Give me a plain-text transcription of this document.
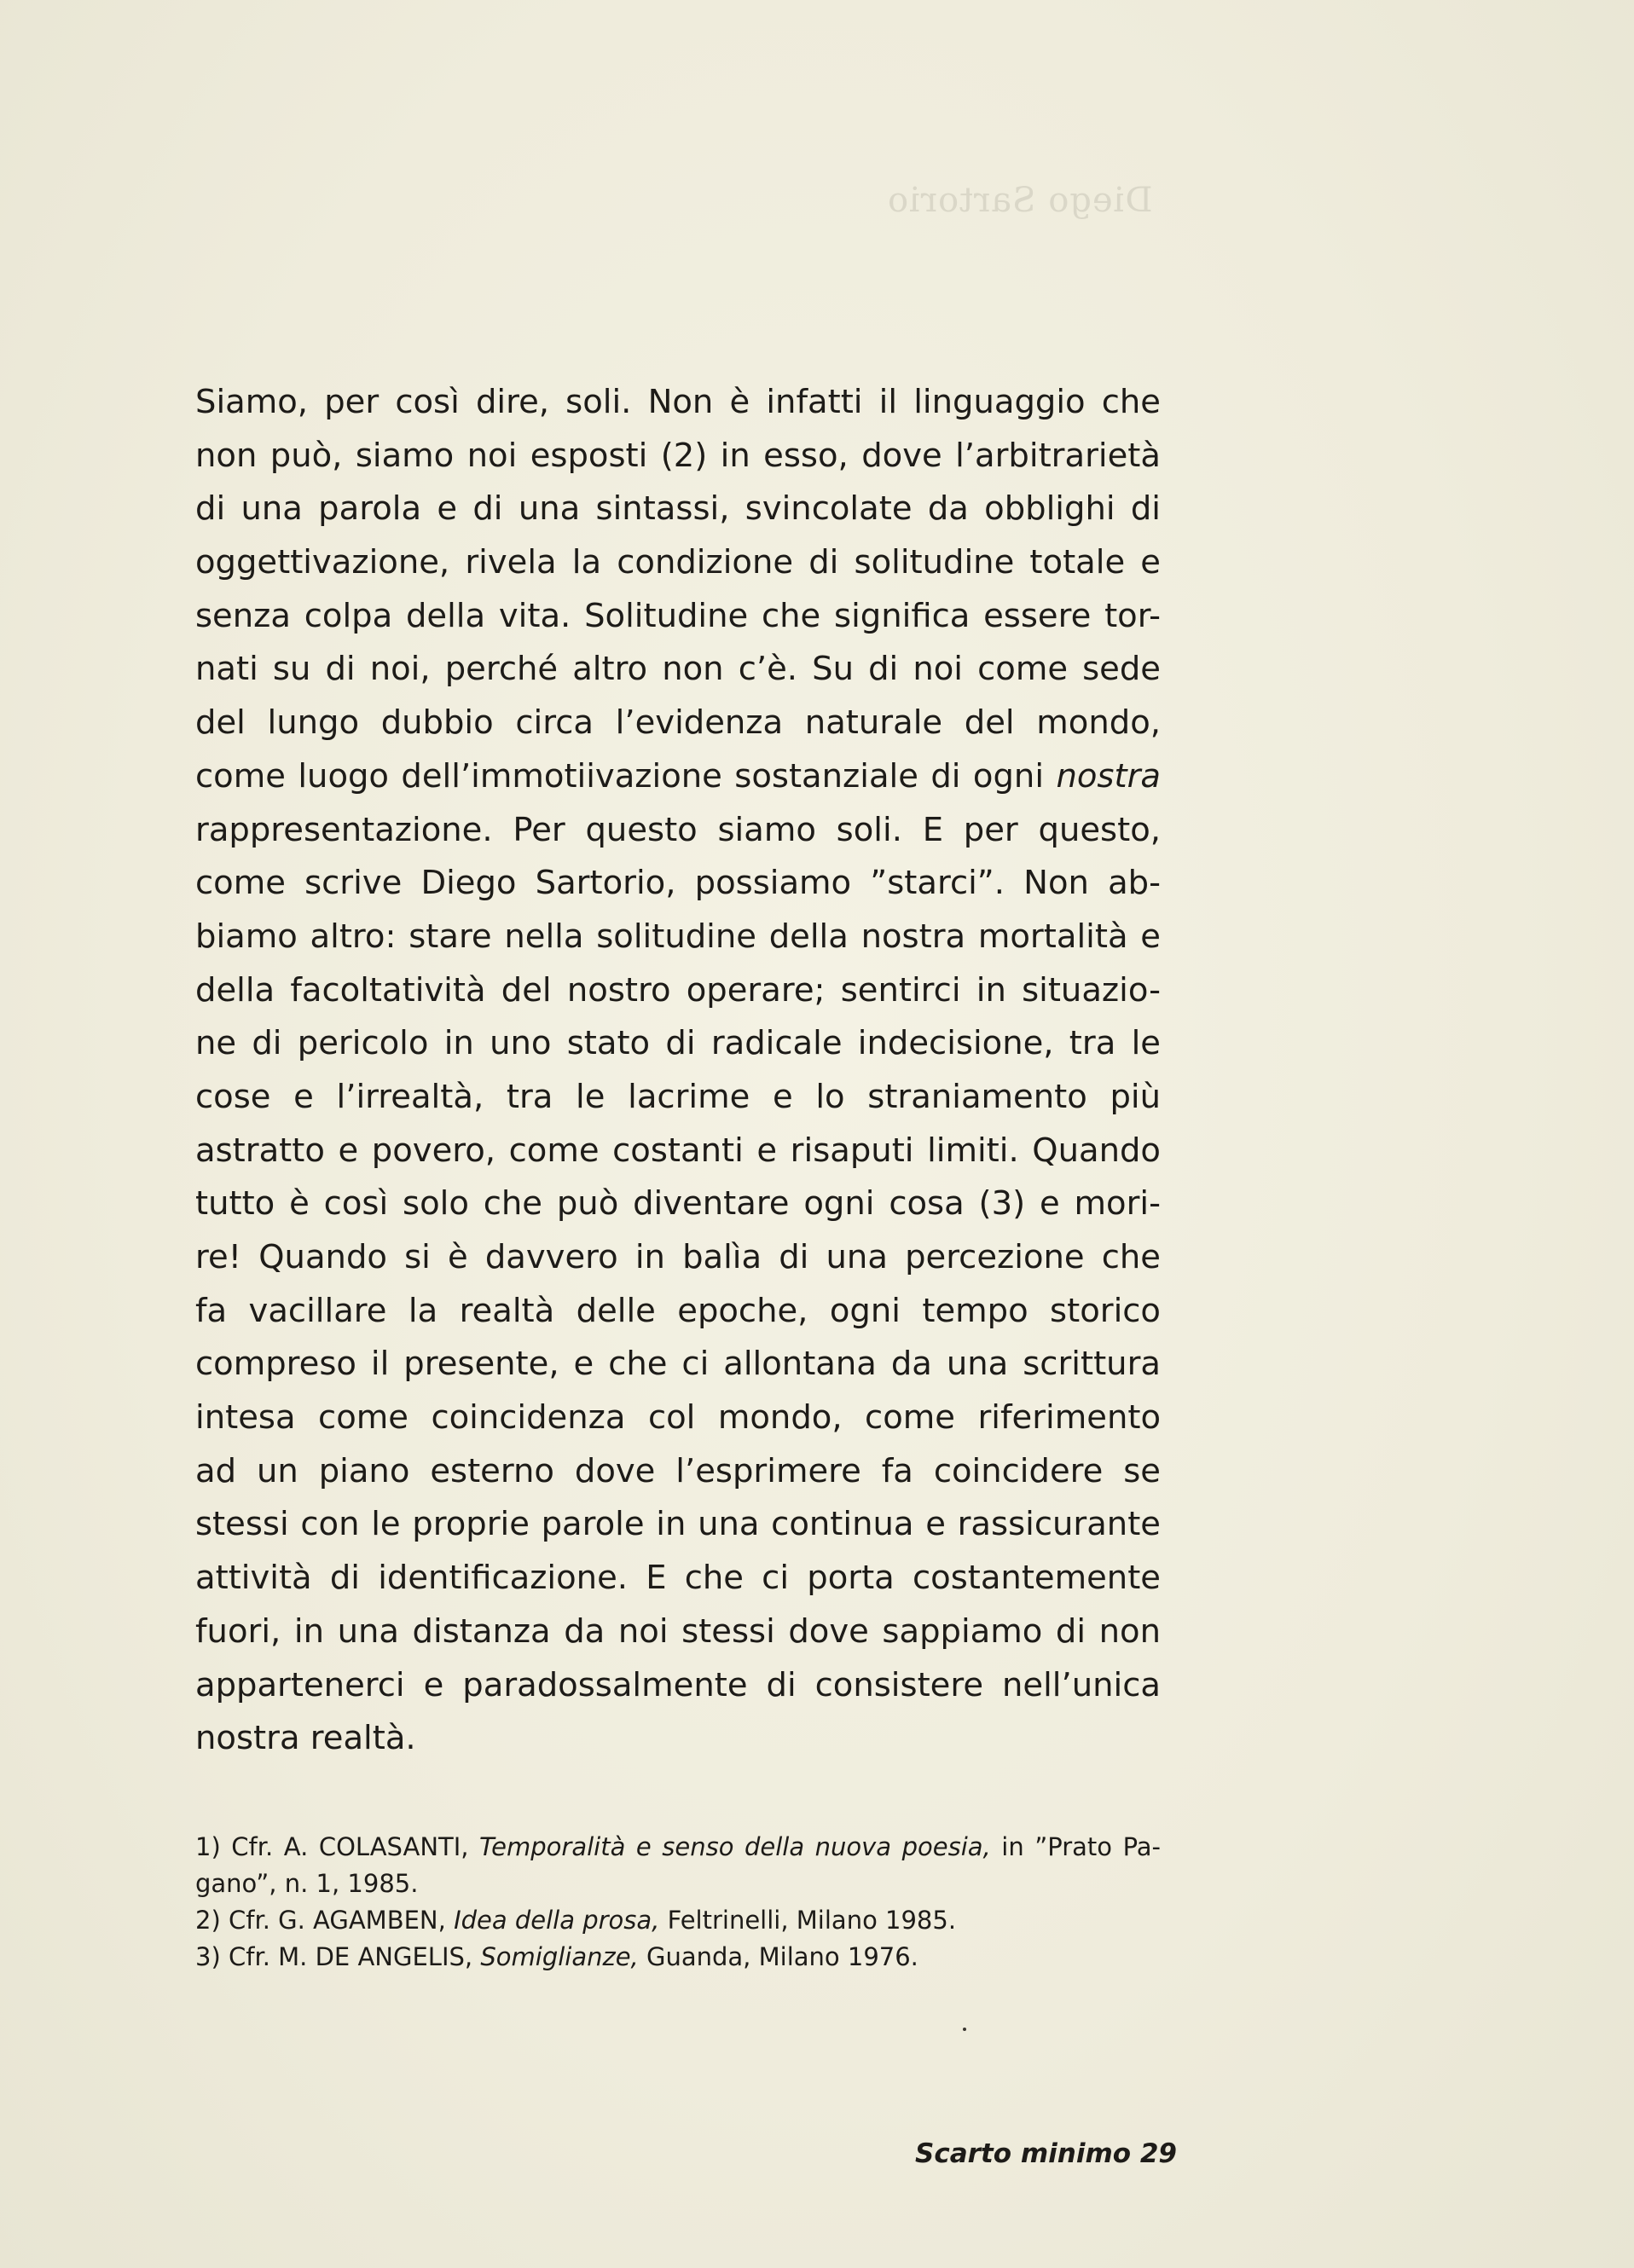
Diego Sartorio
Siamo, per così dire, soli. Non è infatti il linguaggio che
non può, siamo noi esposti (2) in esso, dove l’arbitrarietà
di una parola e di una sintassi, svincolate da obblighi di
oggettivazione, rivela la condizione di solitudine totale e
senza colpa della vita. Solitudine che significa essere tor-
nati su di noi, perché altro non c’è. Su di noi come sede
del lungo dubbio circa l’evidenza naturale del mondo,
come luogo dell’immotiivazione sostanziale di ogni nostra
rappresentazione. Per questo siamo soli. E per questo,
come scrive Diego Sartorio, possiamo ”starci”. Non ab-
biamo altro: stare nella solitudine della nostra mortalità e
della facoltatività del nostro operare; sentirci in situazio-
ne di pericolo in uno stato di radicale indecisione, tra le
cose e l’irrealtà, tra le lacrime e lo straniamento più
astratto e povero, come costanti e risaputi limiti. Quando
tutto è così solo che può diventare ogni cosa (3) e mori-
re! Quando si è davvero in balìa di una percezione che
fa vacillare la realtà delle epoche, ogni tempo storico
compreso il presente, e che ci allontana da una scrittura
intesa come coincidenza col mondo, come riferimento
ad un piano esterno dove l’esprimere fa coincidere se
stessi con le proprie parole in una continua e rassicurante
attività di identificazione. E che ci porta costantemente
fuori, in una distanza da noi stessi dove sappiamo di non
appartenerci e paradossalmente di consistere nell’unica
nostra realtà.
1) Cfr. A. COLASANTI, Temporalità e senso della nuova poesia, in ”Prato Pa-
gano”, n. 1, 1985.
2) Cfr. G. AGAMBEN, Idea della prosa, Feltrinelli, Milano 1985.
3) Cfr. M. DE ANGELIS, Somiglianze, Guanda, Milano 1976.
Scarto minimo 29
